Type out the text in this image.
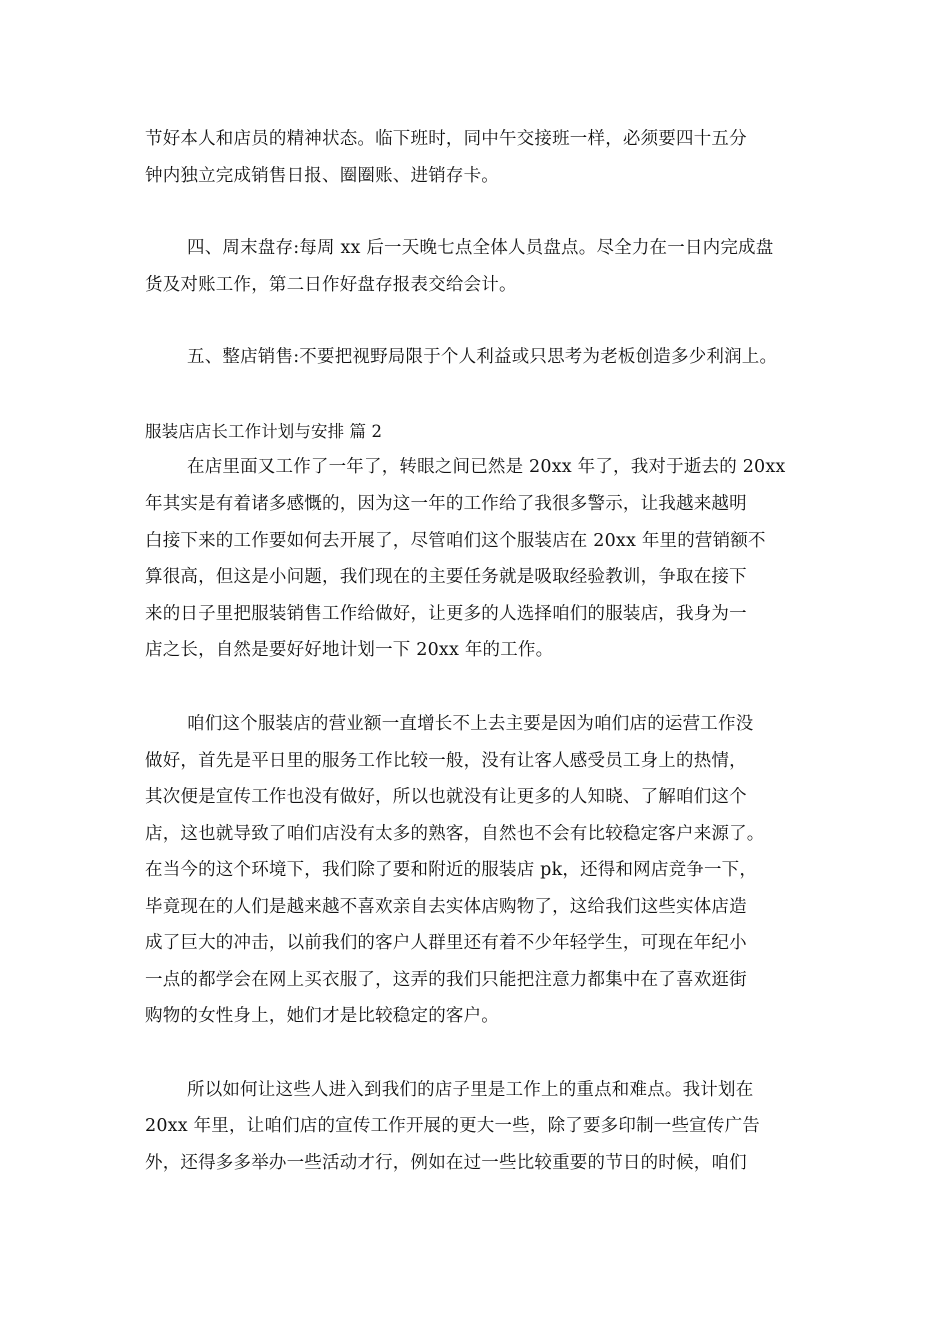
节好本人和店员的精神状态。临下班时，同中午交接班一样，必须要四十五分
钟内独立完成销售日报、圈圈账、进销存卡。
四、周末盘存:每周 xx 后一天晚七点全体人员盘点。尽全力在一日内完成盘
货及对账工作，第二日作好盘存报表交给会计。
五、整店销售:不要把视野局限于个人利益或只思考为老板创造多少利润上。
服装店店长工作计划与安排 篇 2
在店里面又工作了一年了，转眼之间已然是 20xx 年了，我对于逝去的 20xx
年其实是有着诸多感慨的，因为这一年的工作给了我很多警示，让我越来越明
白接下来的工作要如何去开展了，尽管咱们这个服装店在 20xx 年里的营销额不
算很高，但这是小问题，我们现在的主要任务就是吸取经验教训，争取在接下
来的日子里把服装销售工作给做好，让更多的人选择咱们的服装店，我身为一
店之长，自然是要好好地计划一下 20xx 年的工作。
咱们这个服装店的营业额一直增长不上去主要是因为咱们店的运营工作没
做好，首先是平日里的服务工作比较一般，没有让客人感受员工身上的热情，
其次便是宣传工作也没有做好，所以也就没有让更多的人知晓、了解咱们这个
店，这也就导致了咱们店没有太多的熟客，自然也不会有比较稳定客户来源了。
在当今的这个环境下，我们除了要和附近的服装店 pk，还得和网店竞争一下，
毕竟现在的人们是越来越不喜欢亲自去实体店购物了，这给我们这些实体店造
成了巨大的冲击，以前我们的客户人群里还有着不少年轻学生，可现在年纪小
一点的都学会在网上买衣服了，这弄的我们只能把注意力都集中在了喜欢逛街
购物的女性身上，她们才是比较稳定的客户。
所以如何让这些人进入到我们的店子里是工作上的重点和难点。我计划在
20xx 年里，让咱们店的宣传工作开展的更大一些，除了要多印制一些宣传广告
外，还得多多举办一些活动才行，例如在过一些比较重要的节日的时候，咱们
